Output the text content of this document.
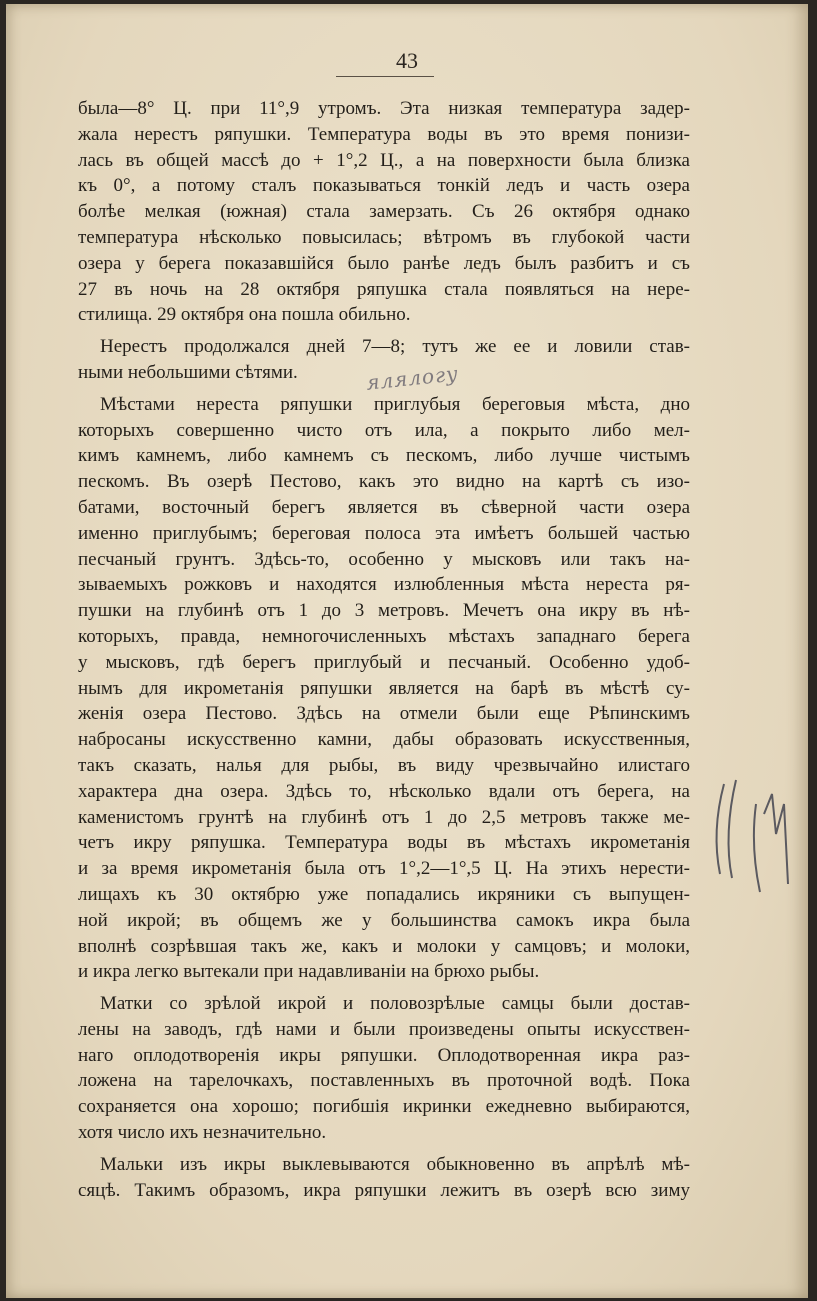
43
была—8° Ц. при 11°,9 утромъ. Эта низкая температура задер-
жала нерестъ ряпушки. Температура воды въ это время понизи-
лась въ общей массѣ до + 1°,2 Ц., а на поверхности была близка
къ 0°, а потому сталъ показываться тонкій ледъ и часть озера
болѣе мелкая (южная) стала замерзать. Съ 26 октября однако
температура нѣсколько повысилась; вѣтромъ въ глубокой части
озера у берега показавшійся было ранѣе ледъ былъ разбитъ и съ
27 въ ночь на 28 октября ряпушка стала появляться на нере-
стилища. 29 октября она пошла обильно.
Нерестъ продолжался дней 7—8; тутъ же ее и ловили став-
ными небольшими сѣтями.
Мѣстами нереста ряпушки приглубыя береговыя мѣста, дно
которыхъ совершенно чисто отъ ила, а покрыто либо мел-
кимъ камнемъ, либо камнемъ съ пескомъ, либо лучше чистымъ
пескомъ. Въ озерѣ Пестово, какъ это видно на картѣ съ изо-
батами, восточный берегъ является въ сѣверной части озера
именно приглубымъ; береговая полоса эта имѣетъ большей частью
песчаный грунтъ. Здѣсь-то, особенно у мысковъ или такъ на-
зываемыхъ рожковъ и находятся излюбленныя мѣста нереста ря-
пушки на глубинѣ отъ 1 до 3 метровъ. Мечетъ она икру въ нѣ-
которыхъ, правда, немногочисленныхъ мѣстахъ западнаго берега
у мысковъ, гдѣ берегъ приглубый и песчаный. Особенно удоб-
нымъ для икрометанія ряпушки является на барѣ въ мѣстѣ су-
женія озера Пестово. Здѣсь на отмели были еще Рѣпинскимъ
набросаны искусственно камни, дабы образовать искусственныя,
такъ сказать, налья для рыбы, въ виду чрезвычайно илистаго
характера дна озера. Здѣсь то, нѣсколько вдали отъ берега, на
каменистомъ грунтѣ на глубинѣ отъ 1 до 2,5 метровъ также ме-
четъ икру ряпушка. Температура воды въ мѣстахъ икрометанія
и за время икрометанія была отъ 1°,2—1°,5 Ц. На этихъ нерести-
лищахъ къ 30 октябрю уже попадались икряники съ выпущен-
ной икрой; въ общемъ же у большинства самокъ икра была
вполнѣ созрѣвшая такъ же, какъ и молоки у самцовъ; и молоки,
и икра легко вытекали при надавливаніи на брюхо рыбы.
Матки со зрѣлой икрой и половозрѣлые самцы были достав-
лены на заводъ, гдѣ нами и были произведены опыты искусствен-
наго оплодотворенія икры ряпушки. Оплодотворенная икра раз-
ложена на тарелочкахъ, поставленныхъ въ проточной водѣ. Пока
сохраняется она хорошо; погибшія икринки ежедневно выбираются,
хотя число ихъ незначительно.
Мальки изъ икры выклевываются обыкновенно въ апрѣлѣ мѣ-
сяцѣ. Такимъ образомъ, икра ряпушки лежитъ въ озерѣ всю зиму
ялялогу
